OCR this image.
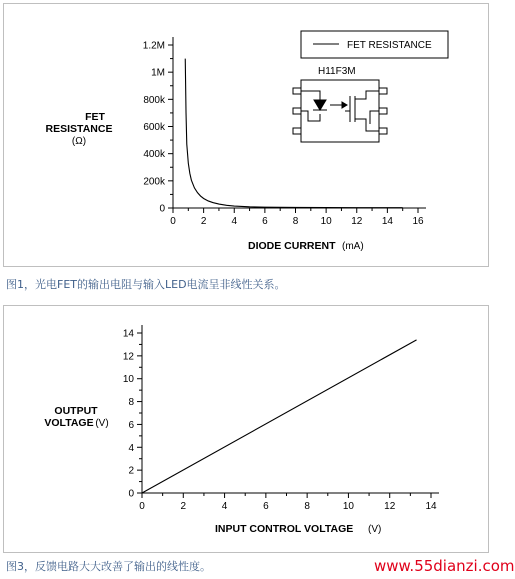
FET RESISTANCE
H11F3M
0	2	4	6	8 10 12 14 16
0
200k
400k
600k
800k
1M
1.2M
FET
RESISTANCE
(Ω)
DIODE CURRENT (mA)
图1，光电FET的输出电阻与输入LED电流呈非线性关系。
0	2	4	6	8	10	12	14
0
2
4
6
8
10
12
14
OUTPUT
VOLTAGE (V)
INPUT CONTROL VOLTAGE (V)
图3，反馈电路大大改善了输出的线性度。	www.55dianzi.com
